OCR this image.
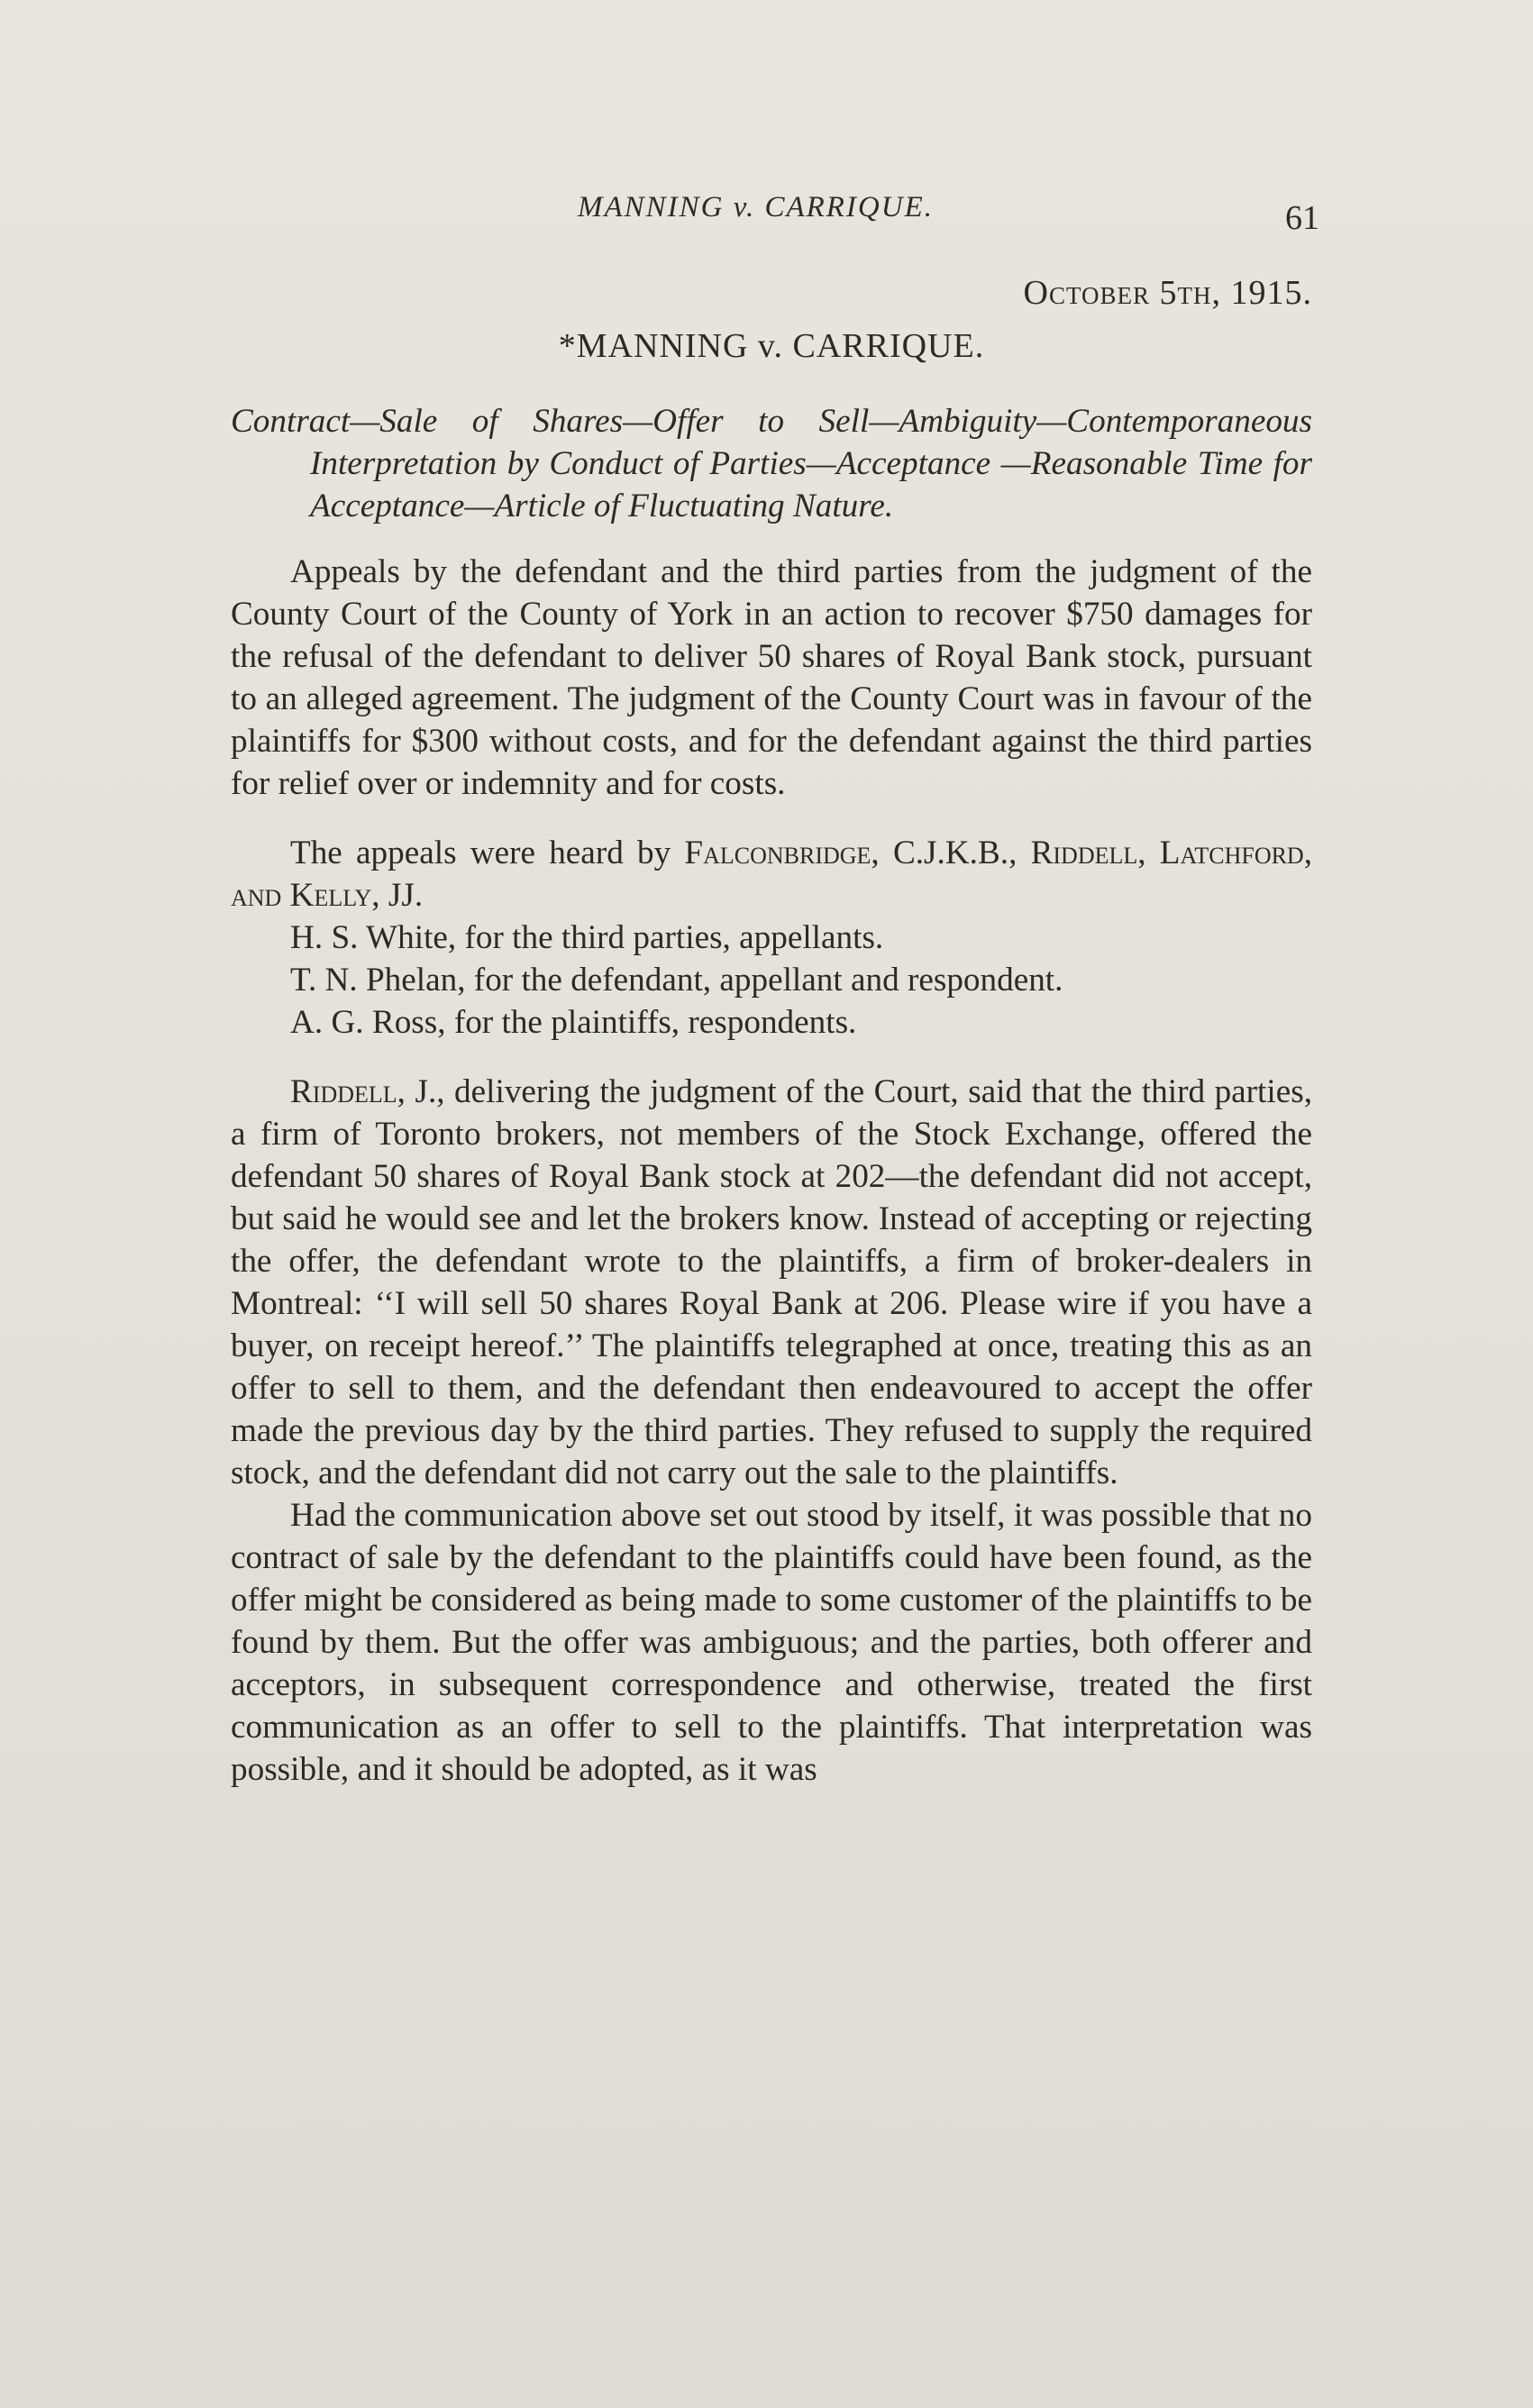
MANNING v. CARRIQUE.	61

October 5th, 1915.

*MANNING v. CARRIQUE.

Contract—Sale of Shares—Offer to Sell—Ambiguity—Contemporaneous Interpretation by Conduct of Parties—Acceptance —Reasonable Time for Acceptance—Article of Fluctuating Nature.

Appeals by the defendant and the third parties from the judgment of the County Court of the County of York in an action to recover $750 damages for the refusal of the defendant to deliver 50 shares of Royal Bank stock, pursuant to an alleged agreement. The judgment of the County Court was in favour of the plaintiffs for $300 without costs, and for the defendant against the third parties for relief over or indemnity and for costs.

The appeals were heard by Falconbridge, C.J.K.B., Riddell, Latchford, and Kelly, JJ.

H. S. White, for the third parties, appellants.

T. N. Phelan, for the defendant, appellant and respondent.

A. G. Ross, for the plaintiffs, respondents.

Riddell, J., delivering the judgment of the Court, said that the third parties, a firm of Toronto brokers, not members of the Stock Exchange, offered the defendant 50 shares of Royal Bank stock at 202—the defendant did not accept, but said he would see and let the brokers know. Instead of accepting or rejecting the offer, the defendant wrote to the plaintiffs, a firm of broker-dealers in Montreal: ‘‘I will sell 50 shares Royal Bank at 206. Please wire if you have a buyer, on receipt hereof.’’ The plaintiffs telegraphed at once, treating this as an offer to sell to them, and the defendant then endeavoured to accept the offer made the previous day by the third parties. They refused to supply the required stock, and the defendant did not carry out the sale to the plaintiffs.

Had the communication above set out stood by itself, it was possible that no contract of sale by the defendant to the plaintiffs could have been found, as the offer might be considered as being made to some customer of the plaintiffs to be found by them. But the offer was ambiguous; and the parties, both offerer and acceptors, in subsequent correspondence and otherwise, treated the first communication as an offer to sell to the plaintiffs. That interpretation was possible, and it should be adopted, as it was
